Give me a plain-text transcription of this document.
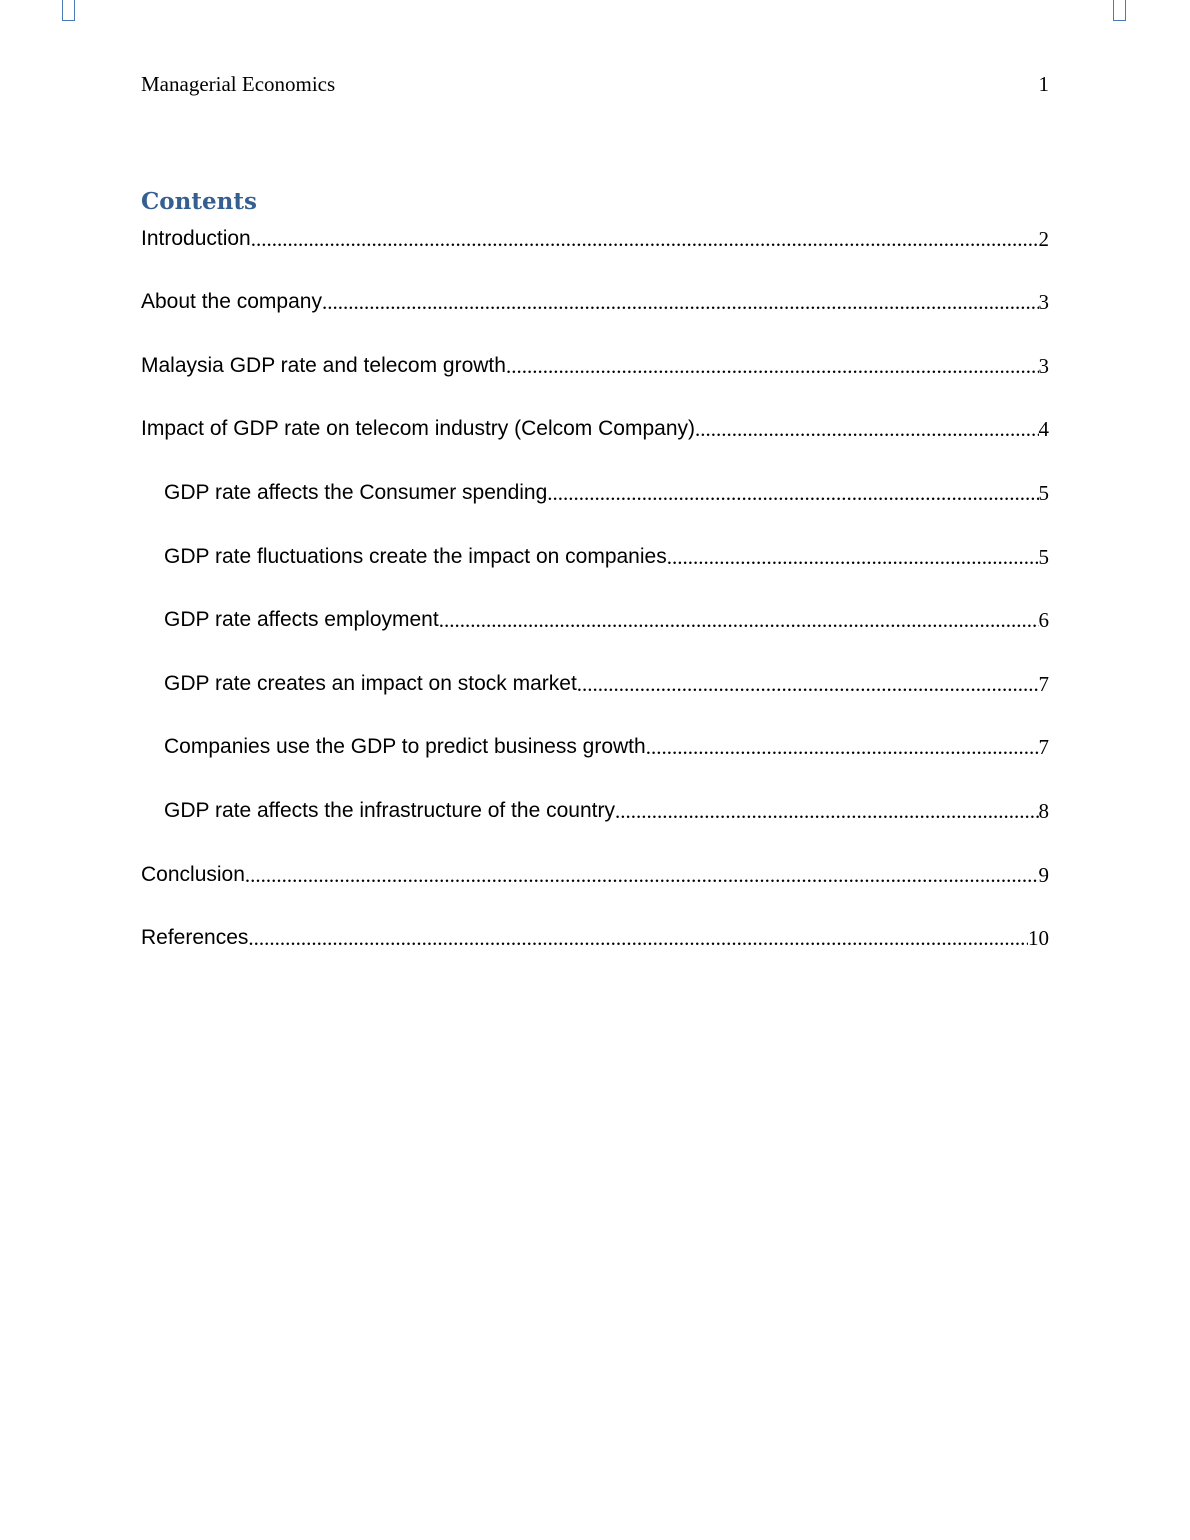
Managerial Economics	1
Contents
Introduction .....	2
About the company .....	3
Malaysia GDP rate and telecom growth .....	3
Impact of GDP rate on telecom industry (Celcom Company) .....	4
GDP rate affects the Consumer spending .....	5
GDP rate fluctuations create the impact on companies .....	5
GDP rate affects employment .....	6
GDP rate creates an impact on stock market .....	7
Companies use the GDP to predict business growth .....	7
GDP rate affects the infrastructure of the country .....	8
Conclusion .....	9
References .....	10
